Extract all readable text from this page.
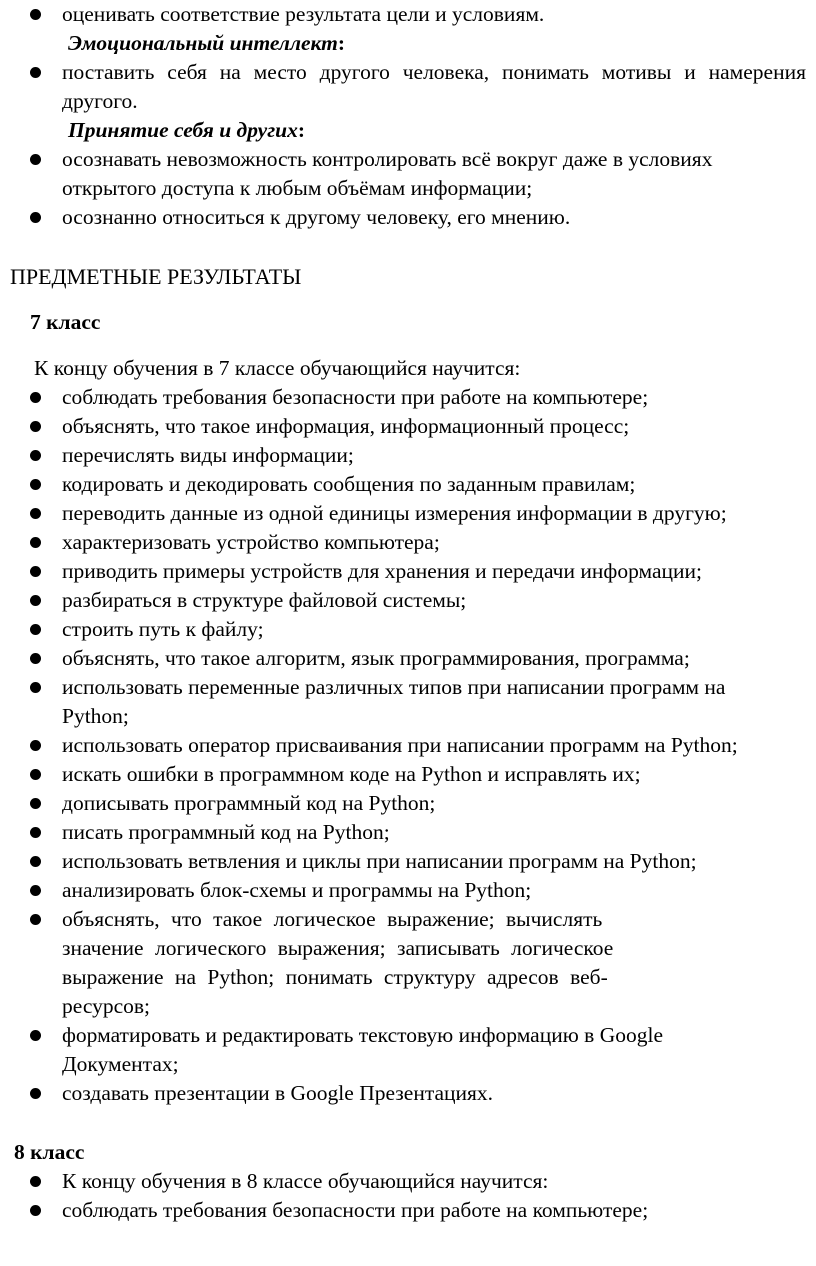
оценивать соответствие результата цели и условиям.
Эмоциональный интеллект:
поставить себя на место другого человека, понимать мотивы и намерения другого.
Принятие себя и других:
осознавать невозможность контролировать всё вокруг даже в условиях открытого доступа к любым объёмам информации;
осознанно относиться к другому человеку, его мнению.
ПРЕДМЕТНЫЕ РЕЗУЛЬТАТЫ
7 класс
К концу обучения в 7 классе обучающийся научится:
соблюдать требования безопасности при работе на компьютере;
объяснять, что такое информация, информационный процесс;
перечислять виды информации;
кодировать и декодировать сообщения по заданным правилам;
переводить данные из одной единицы измерения информации в другую;
характеризовать устройство компьютера;
приводить примеры устройств для хранения и передачи информации;
разбираться в структуре файловой системы;
строить путь к файлу;
объяснять, что такое алгоритм, язык программирования, программа;
использовать переменные различных типов при написании программ на Python;
использовать оператор присваивания при написании программ на Python;
искать ошибки в программном коде на Python и исправлять их;
дописывать программный код на Python;
писать программный код на Python;
использовать ветвления и циклы при написании программ на Python;
анализировать блок-схемы и программы на Python;
объяснять, что такое логическое выражение; вычислять значение логического выражения; записывать логическое выражение на Python; понимать структуру адресов веб-ресурсов;
форматировать и редактировать текстовую информацию в Google Документах;
создавать презентации в Google Презентациях.
8 класс
К концу обучения в 8 классе обучающийся научится:
соблюдать требования безопасности при работе на компьютере;
